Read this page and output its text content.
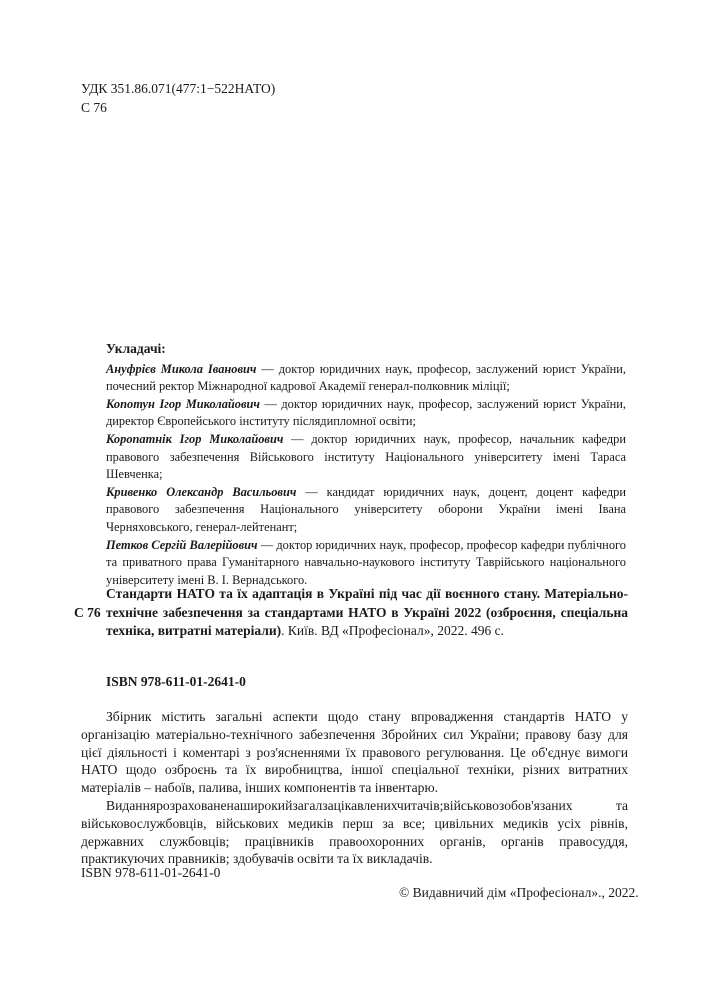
УДК 351.86.071(477:1−522НАТО)
С 76
Укладачі:
Ануфрієв Микола Іванович — доктор юридичних наук, професор, заслужений юрист України, почесний ректор Міжнародної кадрової Академії генерал-полковник міліції;
Копотун Ігор Миколайович — доктор юридичних наук, професор, заслужений юрист України, директор Європейського інституту післядипломної освіти;
Коропатнік Ігор Миколайович — доктор юридичних наук, професор, начальник кафедри правового забезпечення Військового інституту Національного університету імені Тараса Шевченка;
Кривенко Олександр Васильович — кандидат юридичних наук, доцент, доцент кафедри правового забезпечення Національного університету оборони України імені Івана Черняховського, генерал-лейтенант;
Петков Сергій Валерійович — доктор юридичних наук, професор, професор кафедри публічного та приватного права Гуманітарного навчально-наукового інституту Таврійського національного університету імені В. І. Вернадського.
С 76
Стандарти НАТО та їх адаптація в Україні під час дії воєнного стану. Матеріально-технічне забезпечення за стандартами НАТО в Україні 2022 (озброєння, спеціальна техніка, витратні матеріали). Київ. ВД «Професіонал», 2022. 496 с.
ISBN 978-611-01-2641-0

Збірник містить загальні аспекти щодо стану впровадження стандартів НАТО у організацію матеріально-технічного забезпечення Збройних сил України; правову базу для цієї діяльності і коментарі з роз'ясненнями їх правового регулювання. Це об'єднує вимоги НАТО щодо озброєнь та їх виробництва, іншої спеціальної техніки, різних витратних матеріалів – набоїв, палива, інших компонентів та інвентарю.

Виданнярозрахованенаширокийзагалзацікавленихчитачів;військовозобов'язаних та військовослужбовців, військових медиків перш за все; цивільних медиків усіх рівнів, державних службовців; працівників правоохоронних органів, органів правосуддя, практикуючих правників; здобувачів освіти та їх викладачів.

ISBN 978-611-01-2641-0
© Видавничий дім «Професіонал»., 2022.
